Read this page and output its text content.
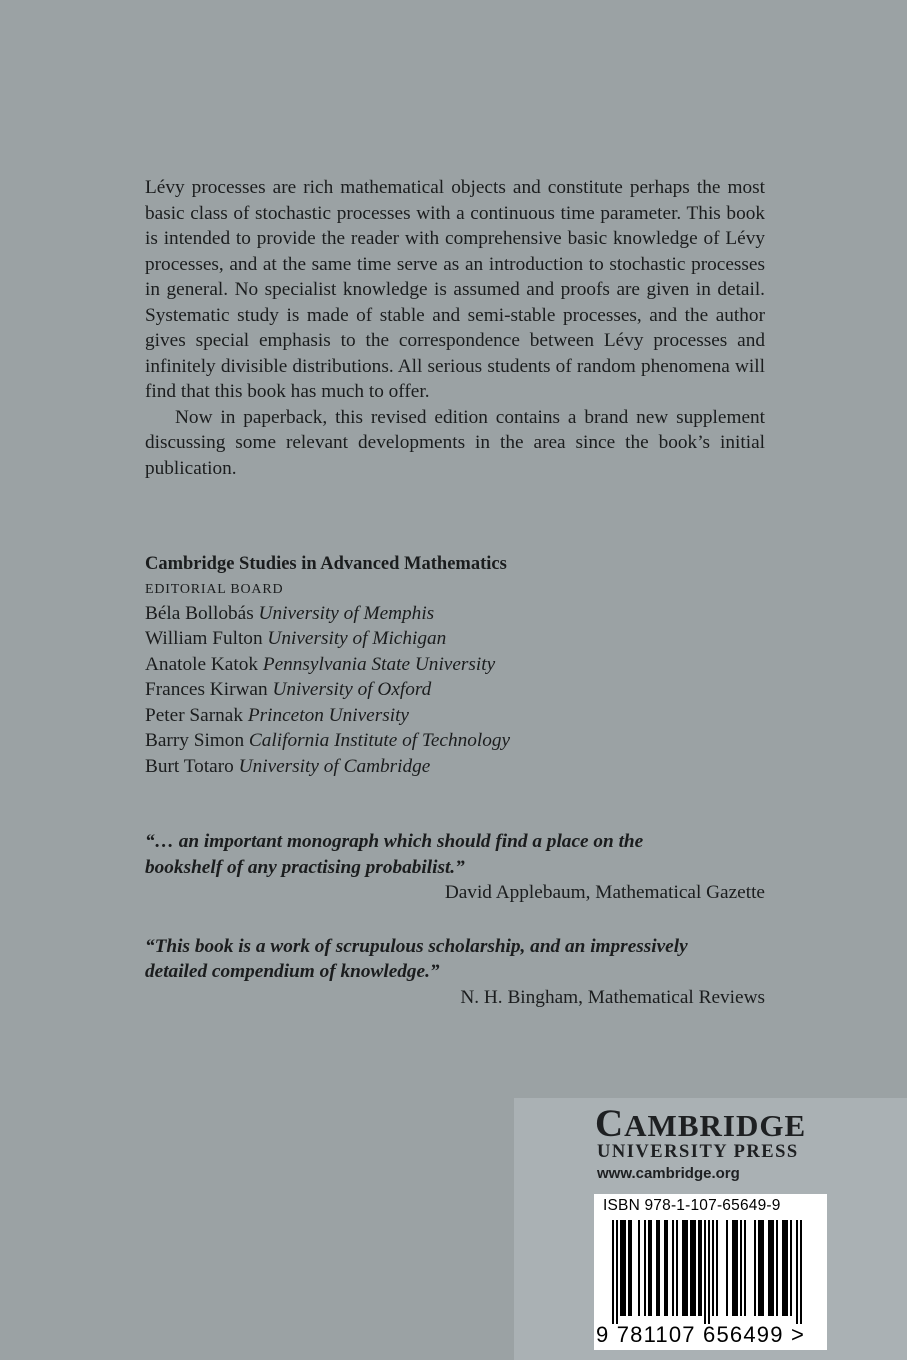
Lévy processes are rich mathematical objects and constitute perhaps the most basic class of stochastic processes with a continuous time parameter. This book is intended to provide the reader with comprehensive basic knowledge of Lévy processes, and at the same time serve as an introduction to stochastic processes in general. No specialist knowledge is assumed and proofs are given in detail. Systematic study is made of stable and semi-stable processes, and the author gives special emphasis to the correspondence between Lévy processes and infinitely divisible distributions. All serious students of random phenomena will find that this book has much to offer.

Now in paperback, this revised edition contains a brand new supplement discussing some relevant developments in the area since the book’s initial publication.

Cambridge Studies in Advanced Mathematics
EDITORIAL BOARD
Béla Bollobás University of Memphis
William Fulton University of Michigan
Anatole Katok Pennsylvania State University
Frances Kirwan University of Oxford
Peter Sarnak Princeton University
Barry Simon California Institute of Technology
Burt Totaro University of Cambridge
“… an important monograph which should find a place on the
bookshelf of any practising probabilist.”
David Applebaum, Mathematical Gazette
“This book is a work of scrupulous scholarship, and an impressively
detailed compendium of knowledge.”
N. H. Bingham, Mathematical Reviews
CAMBRIDGE
UNIVERSITY PRESS
www.cambridge.org
ISBN 978-1-107-65649-9
9 781107 656499 >
